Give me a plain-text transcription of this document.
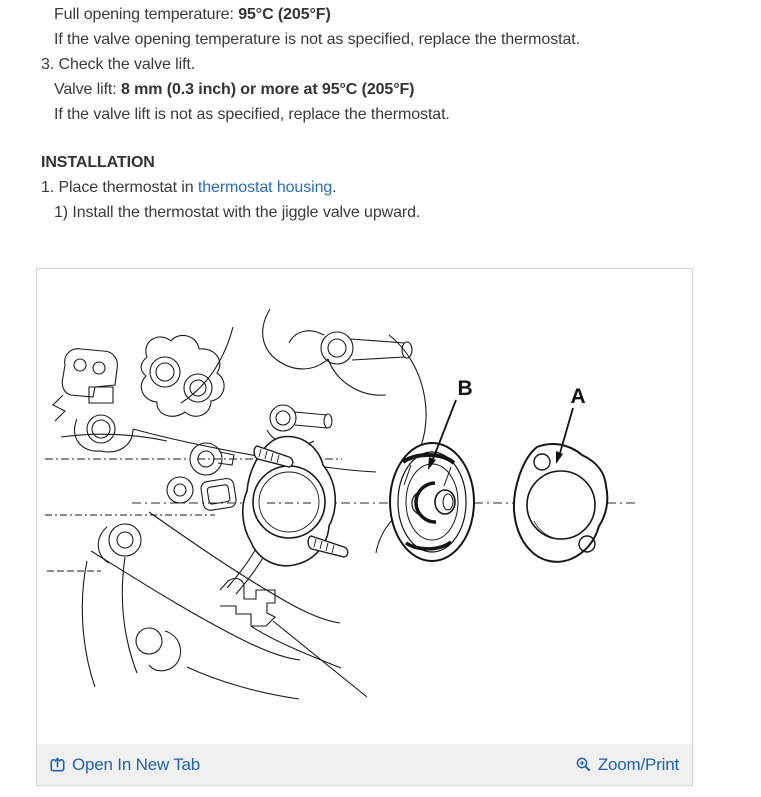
Full opening temperature: 95°C (205°F)
If the valve opening temperature is not as specified, replace the thermostat.
3. Check the valve lift.
Valve lift: 8 mm (0.3 inch) or more at 95°C (205°F)
If the valve lift is not as specified, replace the thermostat.
INSTALLATION
1. Place thermostat in thermostat housing.
1) Install the thermostat with the jiggle valve upward.
B	A
Open In New Tab	Zoom/Print
